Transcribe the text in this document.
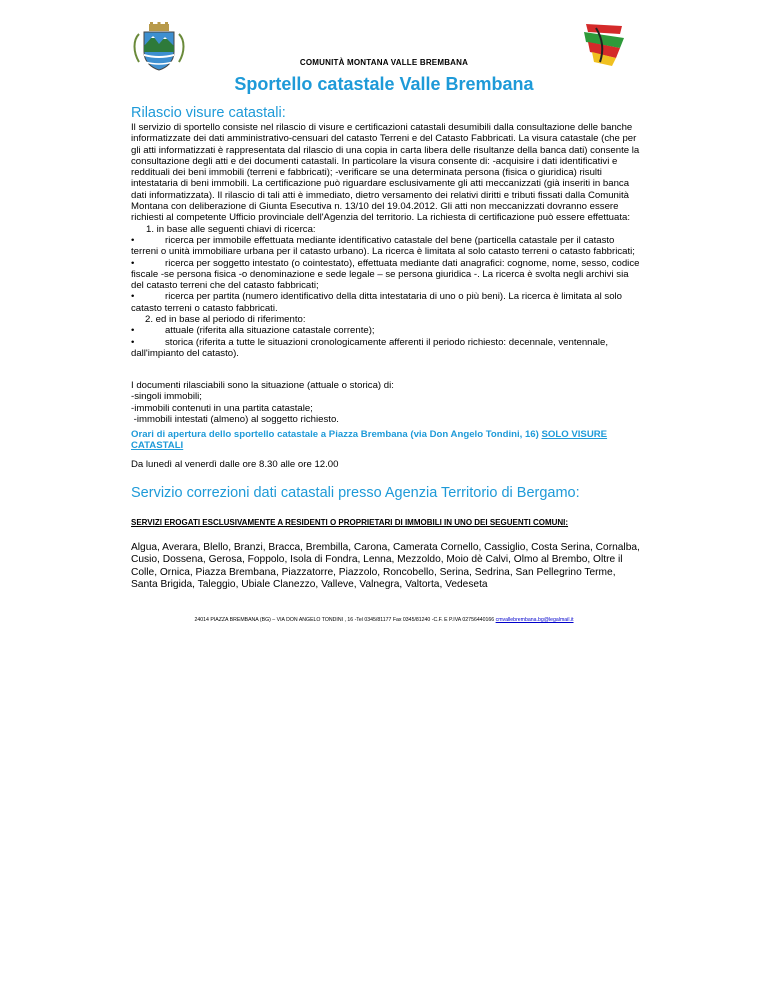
COMUNITÀ MONTANA VALLE BREMBANA
Sportello catastale Valle Brembana
Rilascio visure catastali:

Il servizio di sportello consiste nel rilascio di visure e certificazioni catastali desumibili dalla consultazione delle banche informatizzate dei dati amministrativo-censuari del catasto Terreni e del Catasto Fabbricati. La visura catastale (che per gli atti informatizzati è rappresentata dal rilascio di una copia in carta libera delle risultanze della banca dati) consente la consultazione degli atti e dei documenti catastali. In particolare la visura consente di: -acquisire i dati identificativi e reddituali dei beni immobili (terreni e fabbricati); -verificare se una determinata persona (fisica o giuridica) risulti intestataria di beni immobili. La certificazione può riguardare esclusivamente gli atti meccanizzati (già inseriti in banca dati informatizzata). Il rilascio di tali atti è immediato, dietro versamento dei relativi diritti e tributi fissati dalla Comunità Montana con deliberazione di Giunta Esecutiva n. 13/10 del 19.04.2012. Gli atti non meccanizzati dovranno essere richiesti al competente Ufficio provinciale dell'Agenzia del territorio. La richiesta di certificazione può essere effettuata:

1. in base alle seguenti chiavi di ricerca:

•	ricerca per immobile effettuata mediante identificativo catastale del bene (particella catastale per il catasto terreni o unità immobiliare urbana per il catasto urbano). La ricerca è limitata al solo catasto terreni o catasto fabbricati;

•	ricerca per soggetto intestato (o cointestato), effettuata mediante dati anagrafici: cognome, nome, sesso, codice fiscale -se persona fisica -o denominazione e sede legale – se persona giuridica -. La ricerca è svolta negli archivi sia del catasto terreni che del catasto fabbricati;

•	ricerca per partita (numero identificativo della ditta intestataria di uno o più beni). La ricerca è limitata al solo catasto terreni o catasto fabbricati.

2. ed in base al periodo di riferimento:

•	attuale (riferita alla situazione catastale corrente);

•	storica (riferita a tutte le situazioni cronologicamente afferenti il periodo richiesto: decennale, ventennale, dall'impianto del catasto).

I documenti rilasciabili sono la situazione (attuale o storica) di:

-singoli immobili;

-immobili contenuti in una partita catastale;

-immobili intestati (almeno) al soggetto richiesto.

Orari di apertura dello sportello catastale a Piazza Brembana (via Don Angelo Tondini, 16) SOLO VISURE CATASTALI
Da lunedì al venerdì dalle ore 8.30 alle ore 12.00
Servizio correzioni dati catastali presso Agenzia Territorio di Bergamo:
SERVIZI EROGATI ESCLUSIVAMENTE A RESIDENTI O PROPRIETARI DI IMMOBILI IN UNO DEI SEGUENTI COMUNI:
Algua, Averara, Blello, Branzi, Bracca, Brembilla, Carona, Camerata Cornello, Cassiglio, Costa Serina, Cornalba, Cusio, Dossena, Gerosa, Foppolo, Isola di Fondra, Lenna, Mezzoldo, Moio dè Calvi, Olmo al Brembo, Oltre il Colle, Ornica, Piazza Brembana, Piazzatorre, Piazzolo, Roncobello, Serina, Sedrina, San Pellegrino Terme, Santa Brigida, Taleggio, Ubiale Clanezzo, Valleve, Valnegra, Valtorta, Vedeseta
24014 PIAZZA BREMBANA (BG) – VIA DON ANGELO TONDINI , 16 -Tel 0345/81177 Fax 0345/81240 -C.F. E P.IVA 02756440166 cmvallebrembana.bg@legalmail.it
